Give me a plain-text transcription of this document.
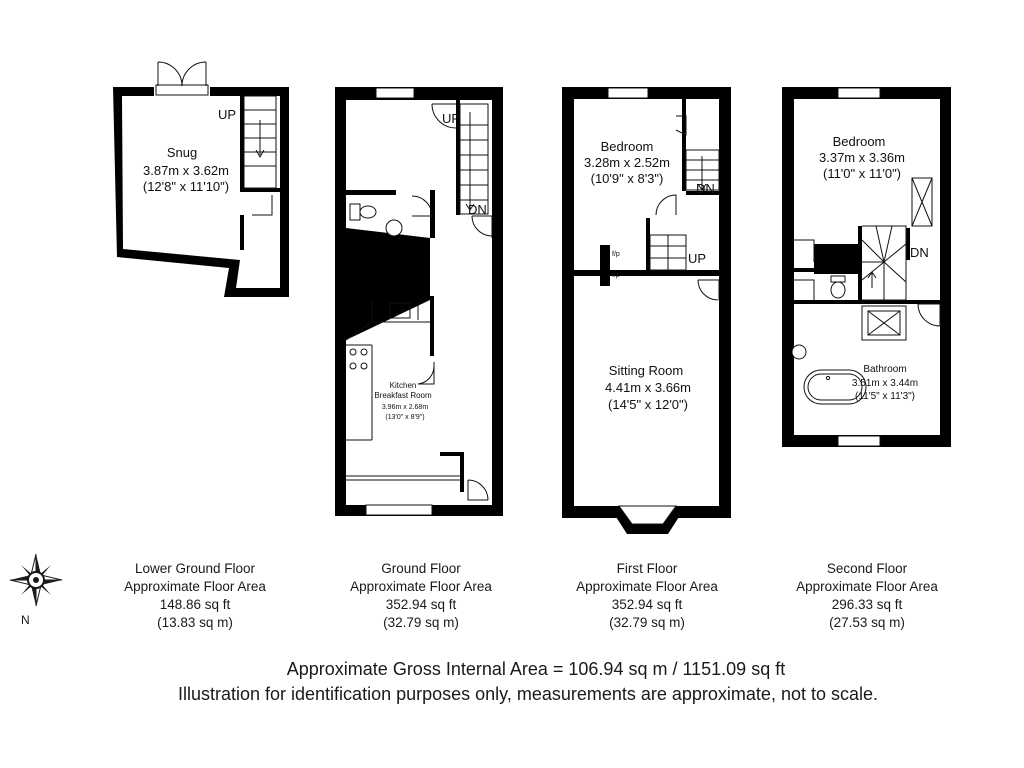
UP
Snug
3.87m x 3.62m
(12'8" x 11'10")
UP
DN
Kitchen
Breakfast Room
3.96m x 2.68m
(13'0" x 8'9")
DN
UP
f/p
f/p
Bedroom
3.28m x 2.52m
(10'9" x 8'3")
Sitting Room
4.41m x 3.66m
(14'5" x 12'0")
DN
Bedroom
3.37m x 3.36m
(11'0" x 11'0")
Bathroom
3.51m x 3.44m
(11'5" x 11'3")
N
Lower Ground Floor
Approximate Floor Area
148.86 sq ft
(13.83 sq m)
Ground Floor
Approximate Floor Area
352.94 sq ft
(32.79 sq m)
First Floor
Approximate Floor Area
352.94 sq ft
(32.79 sq m)
Second Floor
Approximate Floor Area
296.33 sq ft
(27.53 sq m)
Approximate Gross Internal Area = 106.94 sq m / 1151.09 sq ft
Illustration for identification purposes only, measurements are approximate, not to scale.
